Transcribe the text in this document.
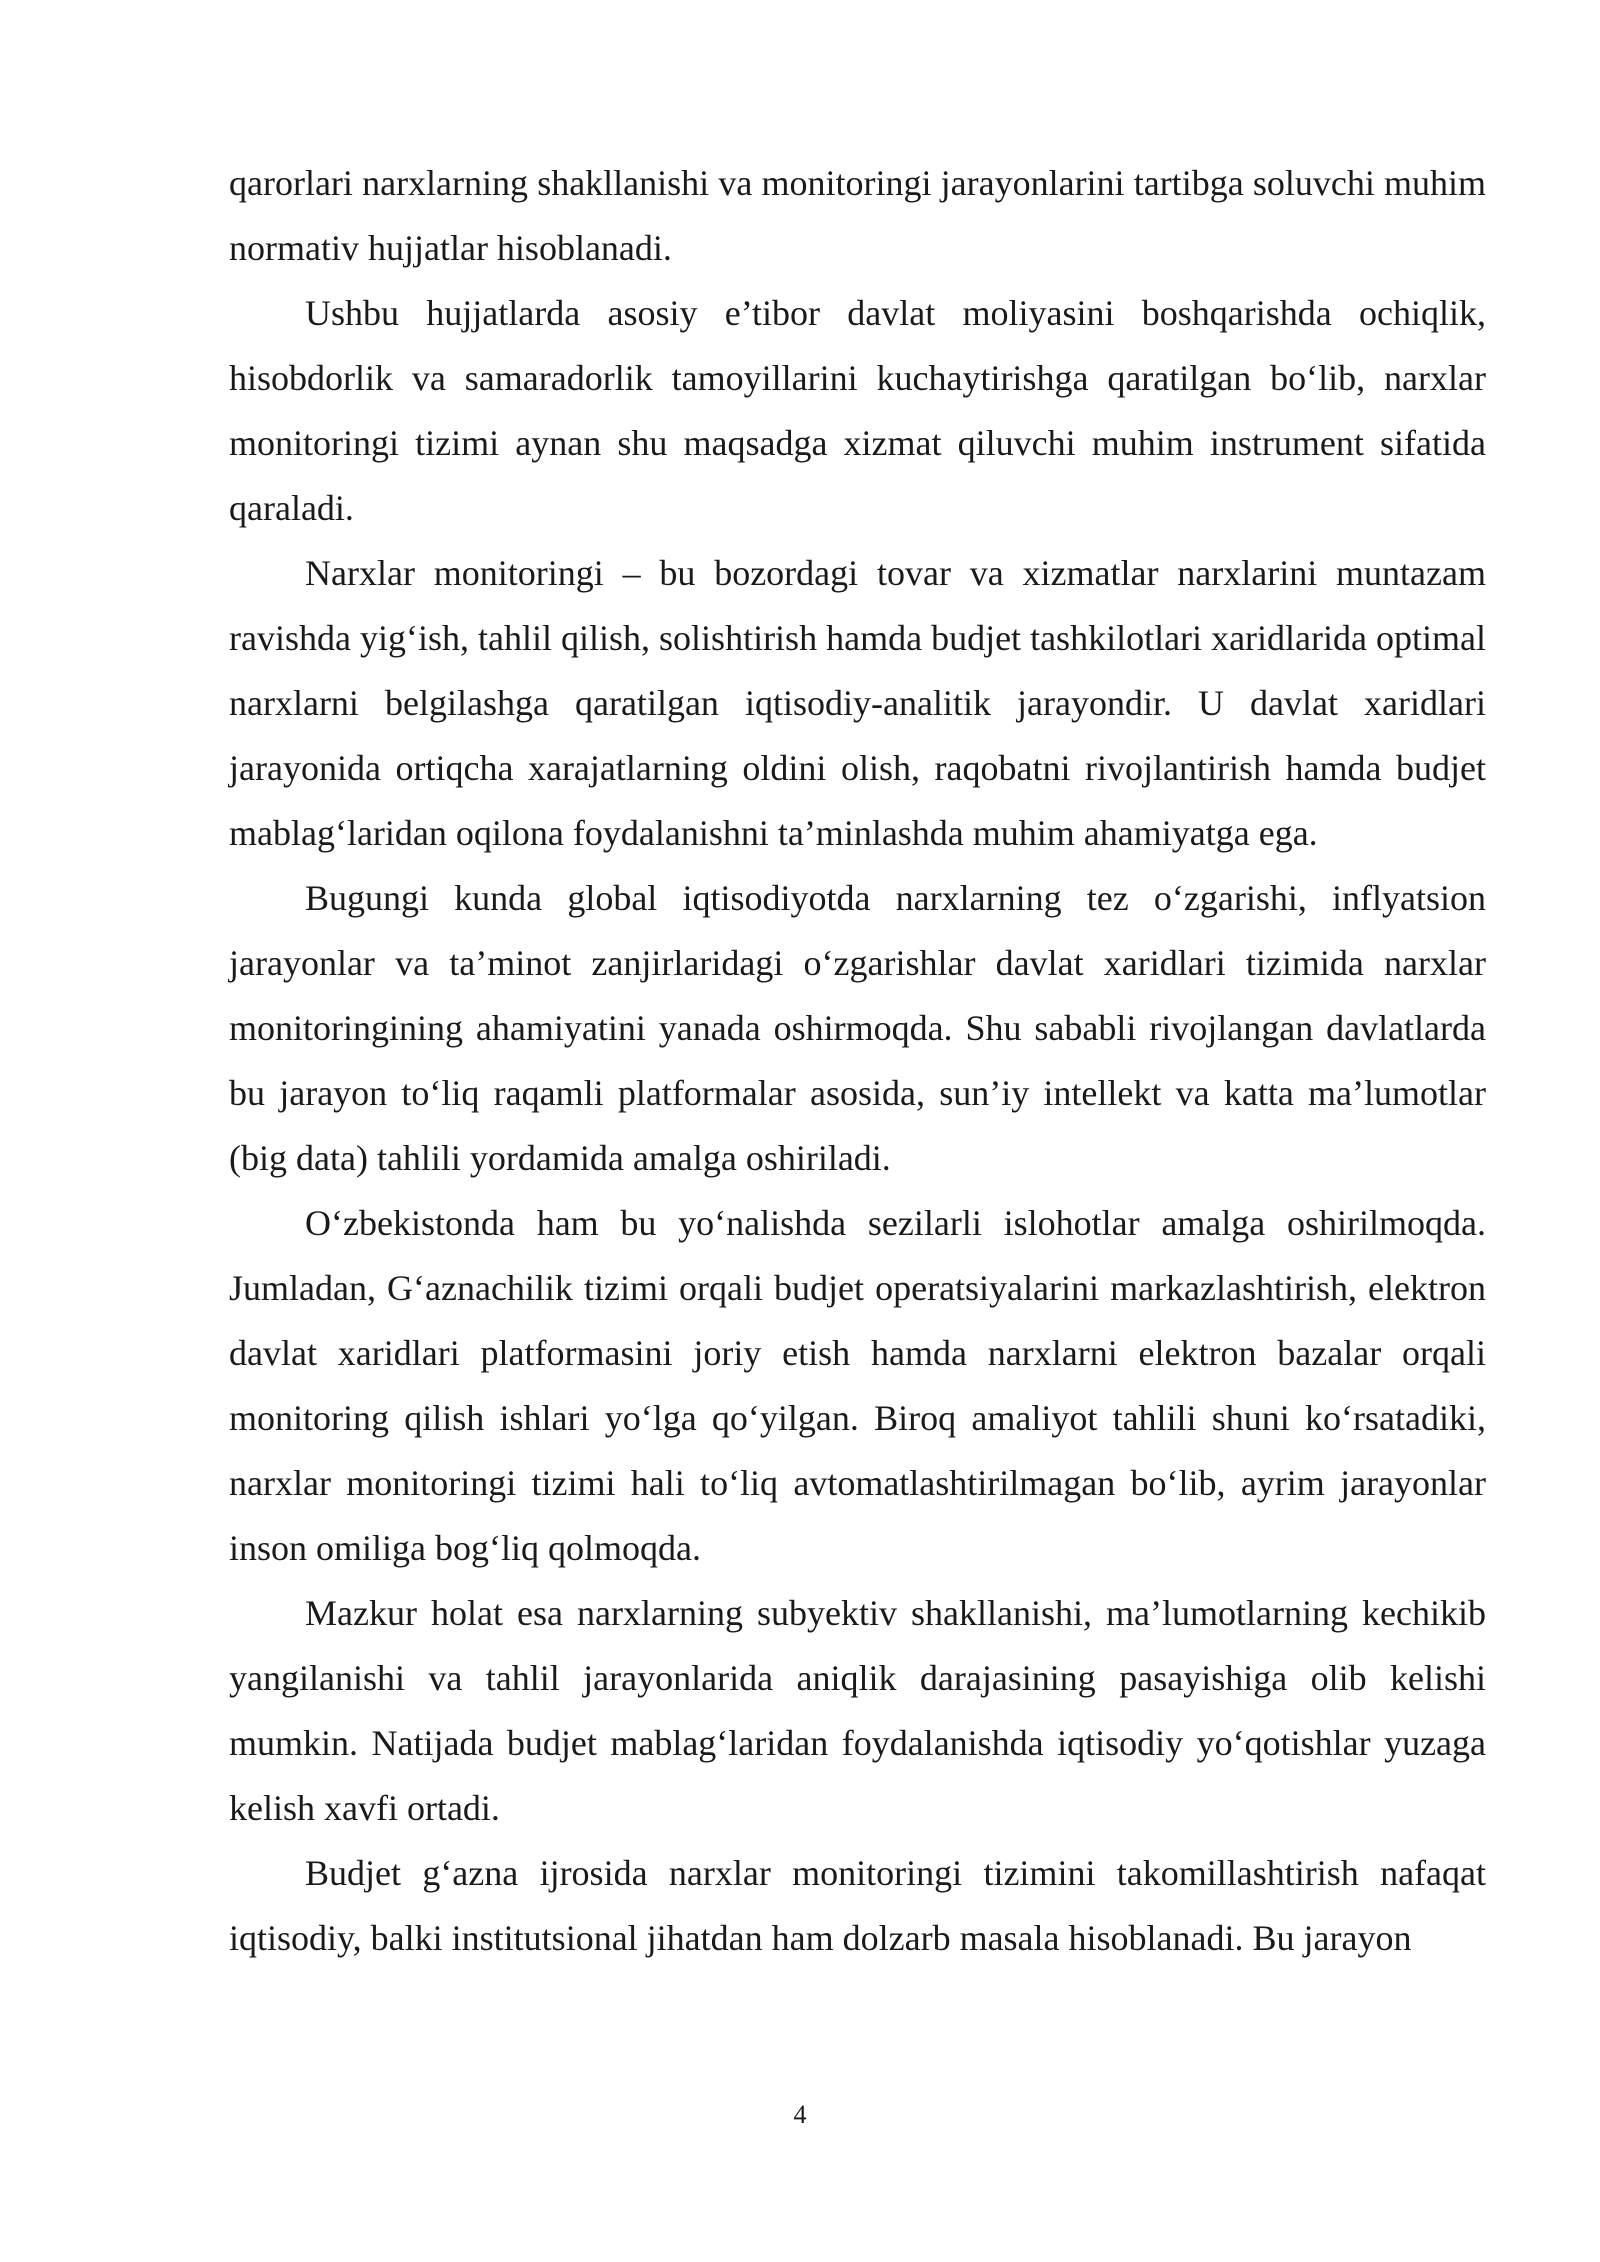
qarorlari narxlarning shakllanishi va monitoringi jarayonlarini tartibga soluvchi muhim normativ hujjatlar hisoblanadi.

Ushbu hujjatlarda asosiy e’tibor davlat moliyasini boshqarishda ochiqlik, hisobdorlik va samaradorlik tamoyillarini kuchaytirishga qaratilgan bo‘lib, narxlar monitoringi tizimi aynan shu maqsadga xizmat qiluvchi muhim instrument sifatida qaraladi.

Narxlar monitoringi – bu bozordagi tovar va xizmatlar narxlarini muntazam ravishda yig‘ish, tahlil qilish, solishtirish hamda budjet tashkilotlari xaridlarida optimal narxlarni belgilashga qaratilgan iqtisodiy-analitik jarayondir. U davlat xaridlari jarayonida ortiqcha xarajatlarning oldini olish, raqobatni rivojlantirish hamda budjet mablag‘laridan oqilona foydalanishni ta’minlashda muhim ahamiyatga ega.

Bugungi kunda global iqtisodiyotda narxlarning tez o‘zgarishi, inflyatsion jarayonlar va ta’minot zanjirlaridagi o‘zgarishlar davlat xaridlari tizimida narxlar monitoringining ahamiyatini yanada oshirmoqda. Shu sababli rivojlangan davlatlarda bu jarayon to‘liq raqamli platformalar asosida, sun’iy intellekt va katta ma’lumotlar (big data) tahlili yordamida amalga oshiriladi.

O‘zbekistonda ham bu yo‘nalishda sezilarli islohotlar amalga oshirilmoqda. Jumladan, G‘aznachilik tizimi orqali budjet operatsiyalarini markazlashtirish, elektron davlat xaridlari platformasini joriy etish hamda narxlarni elektron bazalar orqali monitoring qilish ishlari yo‘lga qo‘yilgan. Biroq amaliyot tahlili shuni ko‘rsatadiki, narxlar monitoringi tizimi hali to‘liq avtomatlashtirilmagan bo‘lib, ayrim jarayonlar inson omiliga bog‘liq qolmoqda.

Mazkur holat esa narxlarning subyektiv shakllanishi, ma’lumotlarning kechikib yangilanishi va tahlil jarayonlarida aniqlik darajasining pasayishiga olib kelishi mumkin. Natijada budjet mablag‘laridan foydalanishda iqtisodiy yo‘qotishlar yuzaga kelish xavfi ortadi.

Budjet g‘azna ijrosida narxlar monitoringi tizimini takomillashtirish nafaqat iqtisodiy, balki institutsional jihatdan ham dolzarb masala hisoblanadi. Bu jarayon

4
